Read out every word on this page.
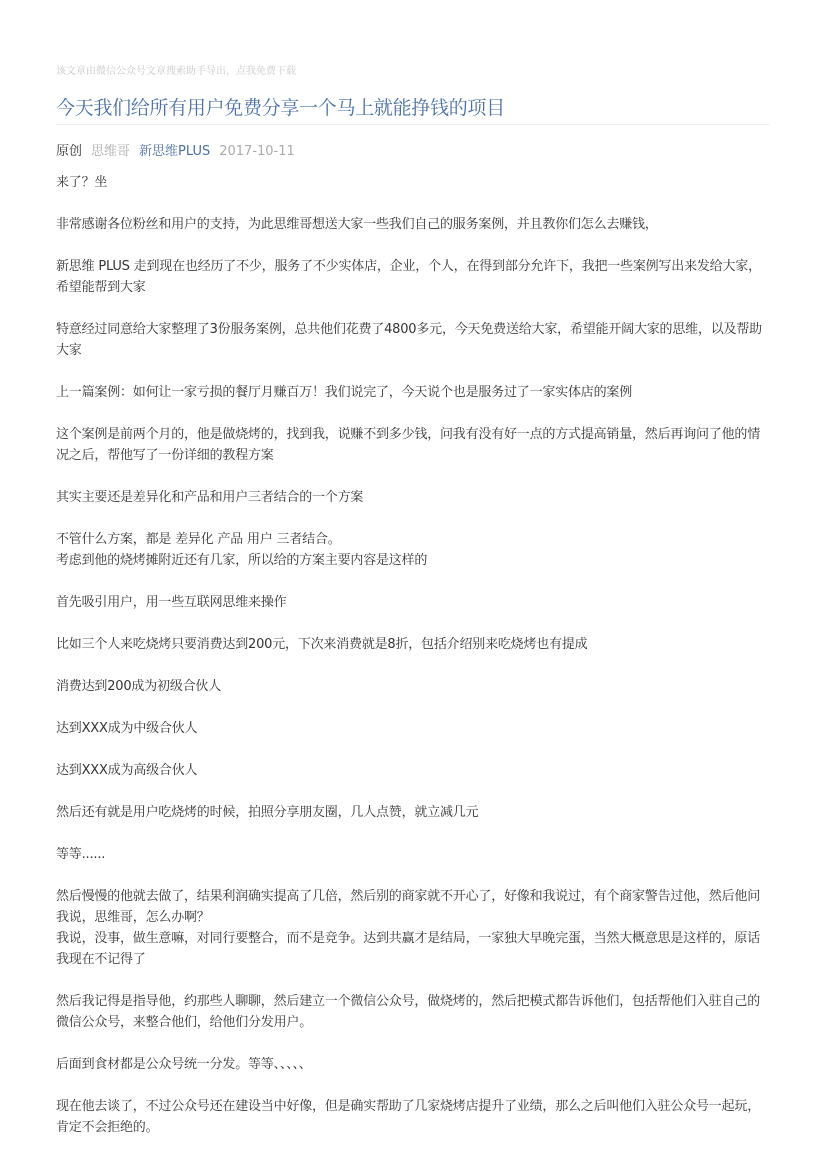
该文章由微信公众号文章搜索助手导出，点我免费下载
今天我们给所有用户免费分享一个马上就能挣钱的项目
原创 思维哥 新思维PLUS 2017-10-11

来了？坐

非常感谢各位粉丝和用户的支持，为此思维哥想送大家一些我们自己的服务案例，并且教你们怎么去赚钱，

新思维 PLUS 走到现在也经历了不少，服务了不少实体店，企业，个人，在得到部分允许下，我把一些案例写出来发给大家，希望能帮到大家

特意经过同意给大家整理了3份服务案例，总共他们花费了4800多元，今天免费送给大家，希望能开阔大家的思维，以及帮助大家

上一篇案例：如何让一家亏损的餐厅月赚百万！我们说完了，今天说个也是服务过了一家实体店的案例

这个案例是前两个月的，他是做烧烤的，找到我，说赚不到多少钱，问我有没有好一点的方式提高销量，然后再询问了他的情况之后，帮他写了一份详细的教程方案

其实主要还是差异化和产品和用户三者结合的一个方案

不管什么方案，都是 差异化 产品 用户 三者结合。
考虑到他的烧烤摊附近还有几家，所以给的方案主要内容是这样的

首先吸引用户，用一些互联网思维来操作

比如三个人来吃烧烤只要消费达到200元，下次来消费就是8折，包括介绍别来吃烧烤也有提成

消费达到200成为初级合伙人

达到XXX成为中级合伙人

达到XXX成为高级合伙人

然后还有就是用户吃烧烤的时候，拍照分享朋友圈，几人点赞，就立减几元

等等......

然后慢慢的他就去做了，结果利润确实提高了几倍，然后别的商家就不开心了，好像和我说过，有个商家警告过他，然后他问我说，思维哥，怎么办啊？
我说，没事，做生意嘛，对同行要整合，而不是竞争。达到共赢才是结局，一家独大早晚完蛋，当然大概意思是这样的，原话我现在不记得了

然后我记得是指导他，约那些人聊聊，然后建立一个微信公众号，做烧烤的，然后把模式都告诉他们，包括帮他们入驻自己的微信公众号，来整合他们，给他们分发用户。

后面到食材都是公众号统一分发。等等、、、、、

现在他去谈了，不过公众号还在建设当中好像，但是确实帮助了几家烧烤店提升了业绩，那么之后叫他们入驻公众号一起玩，肯定不会拒绝的。
